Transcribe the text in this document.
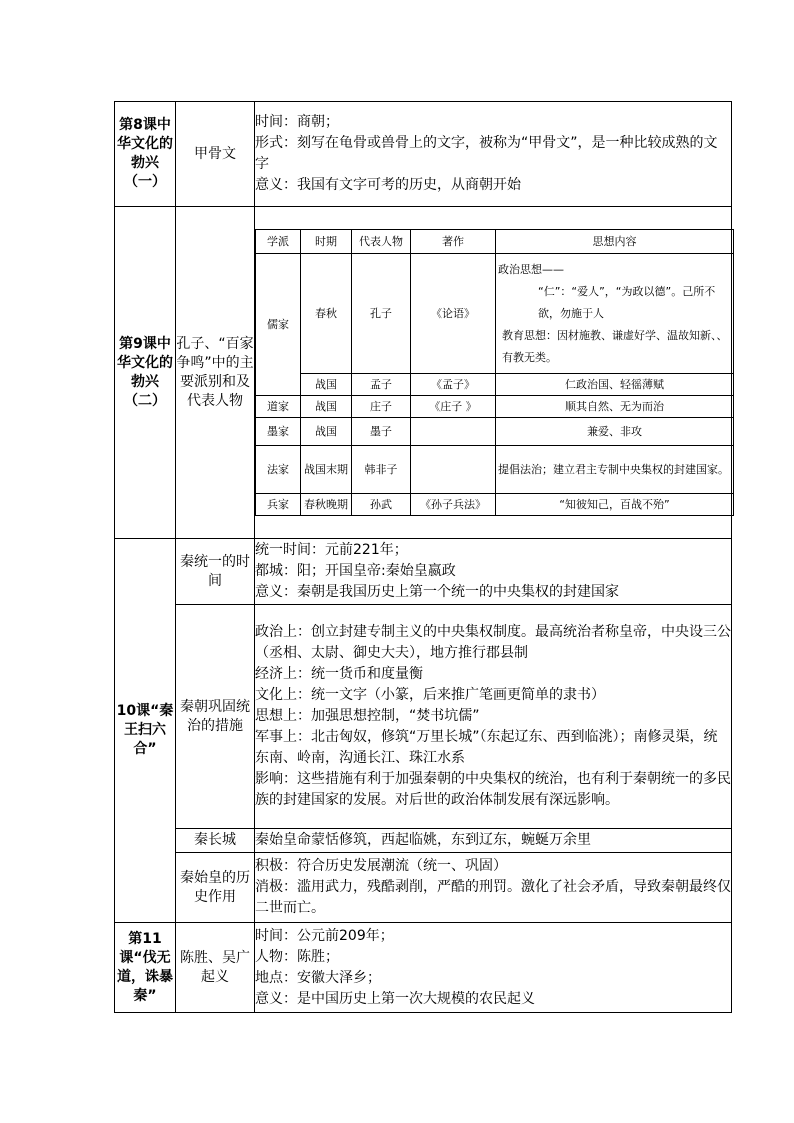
第8课中华文化的勃兴（一）	甲骨文	
时间：商朝；
形式：刻写在龟骨或兽骨上的文字，被称为“甲骨文”，是一种比较成熟的文字
意义：我国有文字可考的历史，从商朝开始

第9课中华文化的勃兴（二）	孔子、“百家争鸣”中的主要派别和及代表人物	
学派	时期	代表人物	著作	思想内容
儒家	春秋	孔子	《论语》	
政治思想——
“仁”：“爱人”，“为政以德”。己所不欲，勿施于人
教育思想：因材施教、谦虚好学、温故知新、、有教无类。

战国	孟子	《孟子》	仁政治国、轻徭薄赋
道家	战国	庄子	《庄子 》	顺其自然、无为而治
墨家	战国	墨子		兼爱、非攻
法家	战国末期	韩非子		提倡法治；建立君主专制中央集权的封建国家。
兵家	春秋晚期	孙武	《孙子兵法》	“知彼知己，百战不殆”

10课“秦王扫六合”	秦统一的时间	
统一时间：元前221年；
都城：阳；开国皇帝:秦始皇嬴政
意义：秦朝是我国历史上第一个统一的中央集权的封建国家

秦朝巩固统治的措施	
政治上：创立封建专制主义的中央集权制度。最高统治者称皇帝，中央设三公（丞相、太尉、御史大夫），地方推行郡县制
经济上：统一货币和度量衡
文化上：统一文字（小篆，后来推广笔画更简单的隶书）
思想上：加强思想控制，“焚书坑儒”
军事上：北击匈奴，修筑“万里长城”（东起辽东、西到临洮）；南修灵渠，统东南、岭南，沟通长江、珠江水系
影响：这些措施有利于加强秦朝的中央集权的统治，也有利于秦朝统一的多民族的封建国家的发展。对后世的政治体制发展有深远影响。

秦长城	秦始皇命蒙恬修筑，西起临姚，东到辽东，蜿蜒万余里
秦始皇的历史作用	
积极：符合历史发展潮流（统一、巩固）
消极：滥用武力，残酷剥削，严酷的刑罚。激化了社会矛盾，导致秦朝最终仅二世而亡。

第11课“伐无道，诛暴秦”	陈胜、吴广起义	
时间：公元前209年；
人物：陈胜；
地点：安徽大泽乡；
意义：是中国历史上第一次大规模的农民起义
